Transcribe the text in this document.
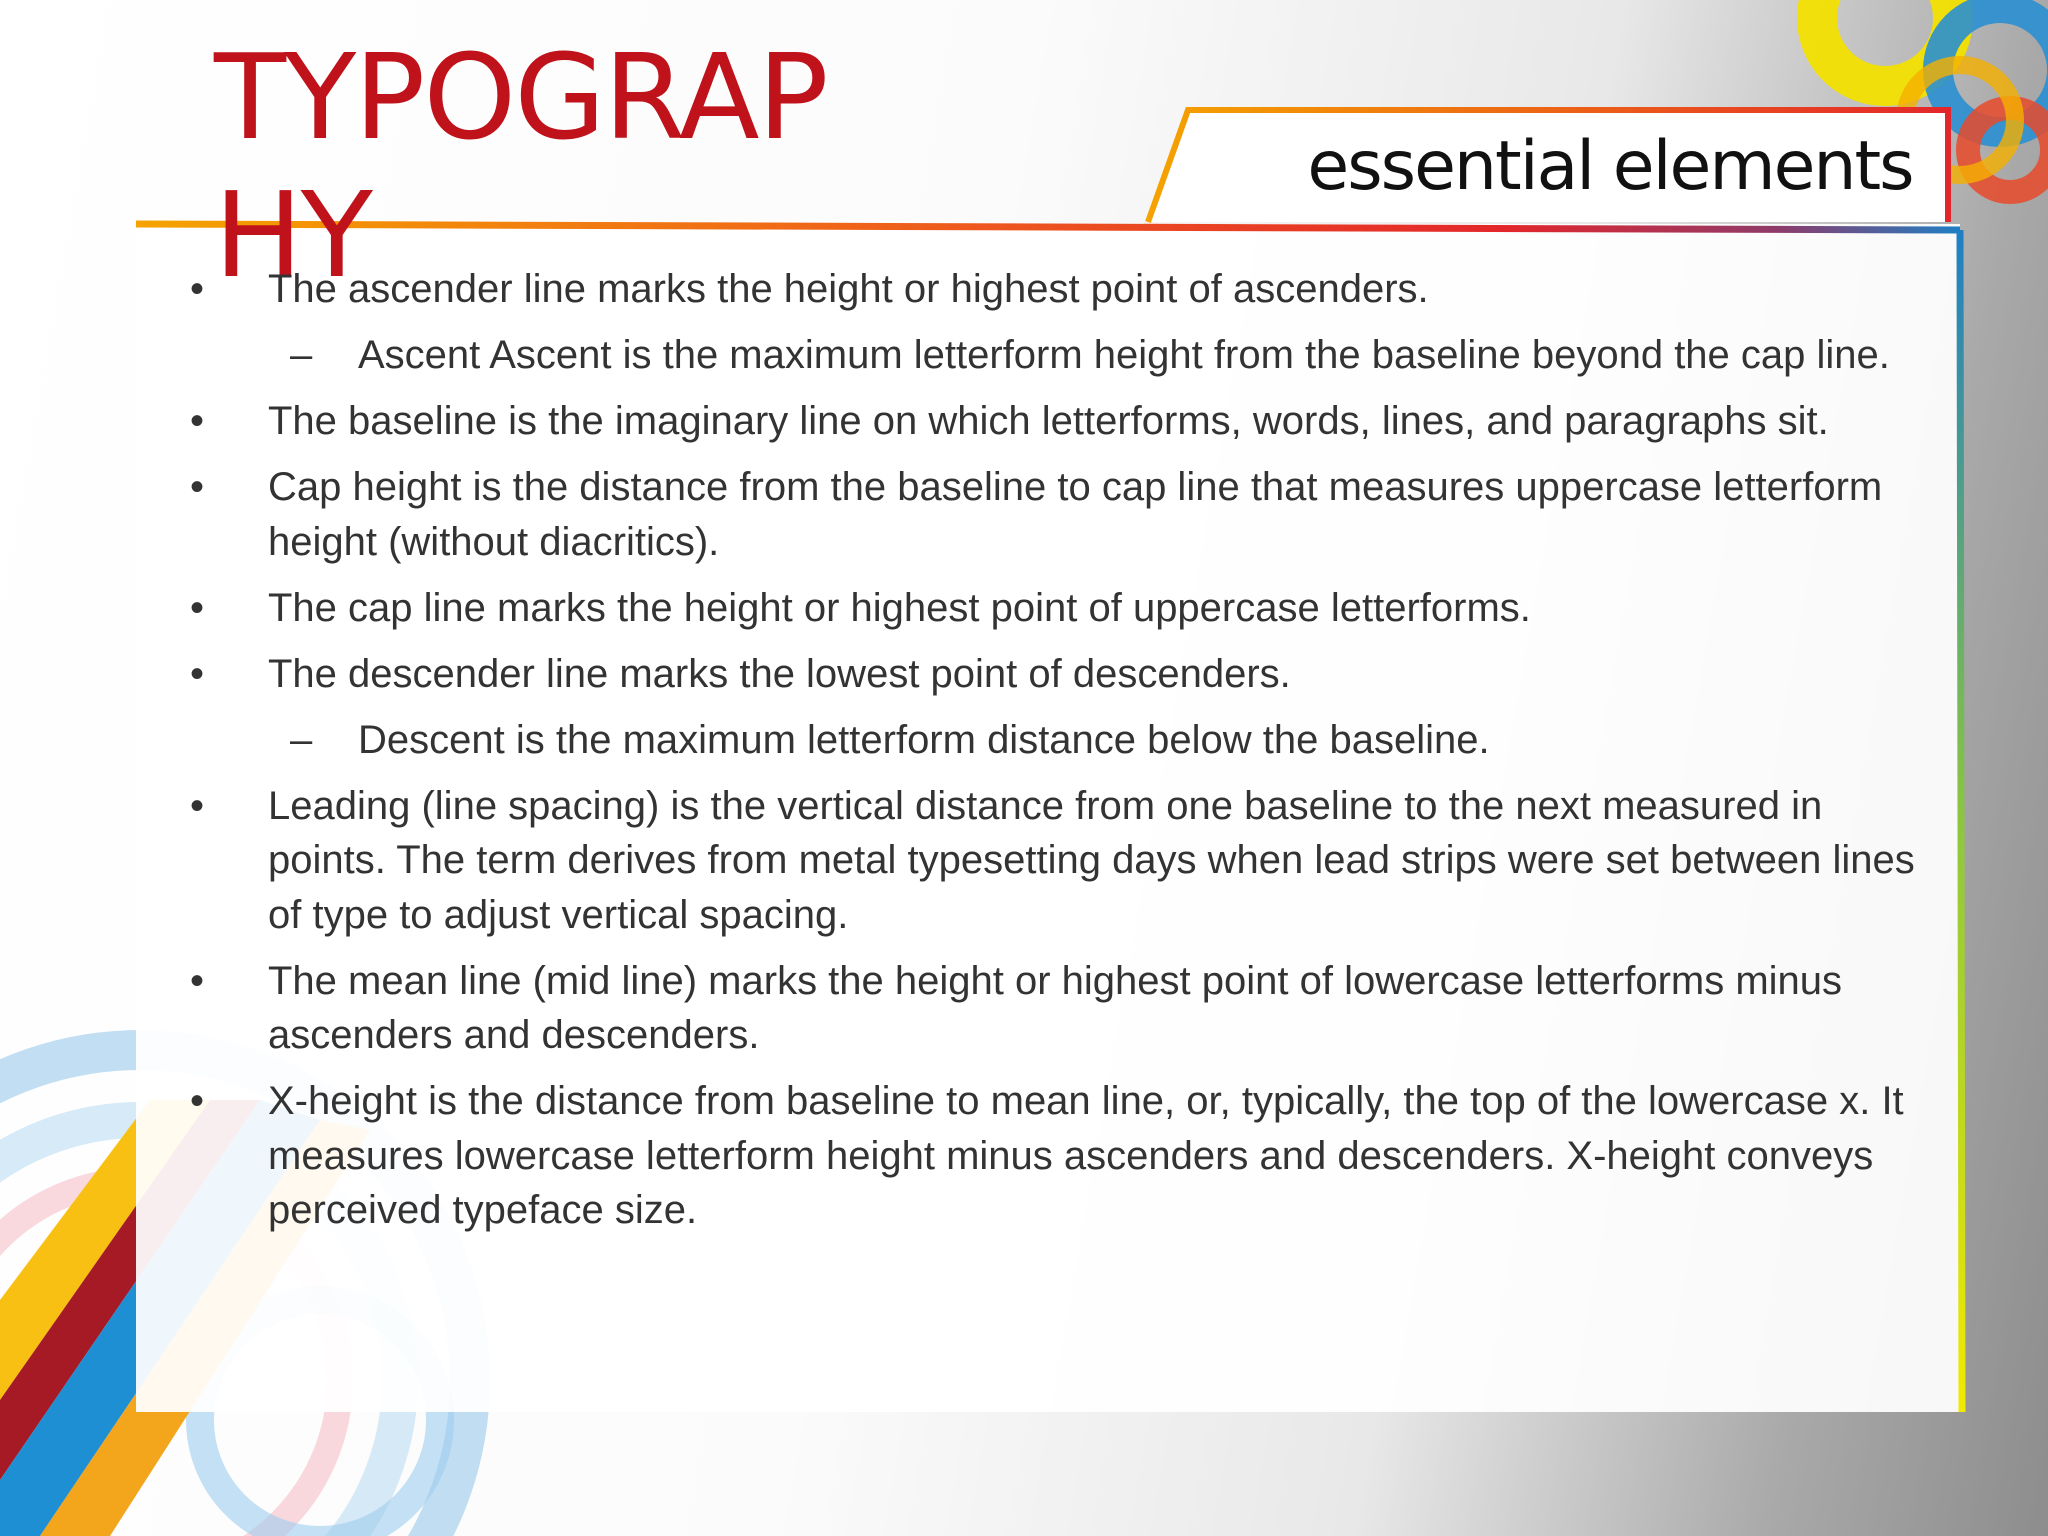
TYPOGRAPHY	essential elements
• The ascender line marks the height or highest point of ascenders.
– Ascent Ascent is the maximum letterform height from the baseline beyond the cap line.
• The baseline is the imaginary line on which letterforms, words, lines, and paragraphs sit.
• Cap height is the distance from the baseline to cap line that measures uppercase letterform height (without diacritics).
• The cap line marks the height or highest point of uppercase letterforms.
• The descender line marks the lowest point of descenders.
– Descent is the maximum letterform distance below the baseline.
• Leading (line spacing) is the vertical distance from one baseline to the next measured in points. The term derives from metal typesetting days when lead strips were set between lines of type to adjust vertical spacing.
• The mean line (mid line) marks the height or highest point of lowercase letterforms minus ascenders and descenders.
• X-height is the distance from baseline to mean line, or, typically, the top of the lowercase x. It measures lowercase letterform height minus ascenders and descenders. X-height conveys perceived typeface size.
